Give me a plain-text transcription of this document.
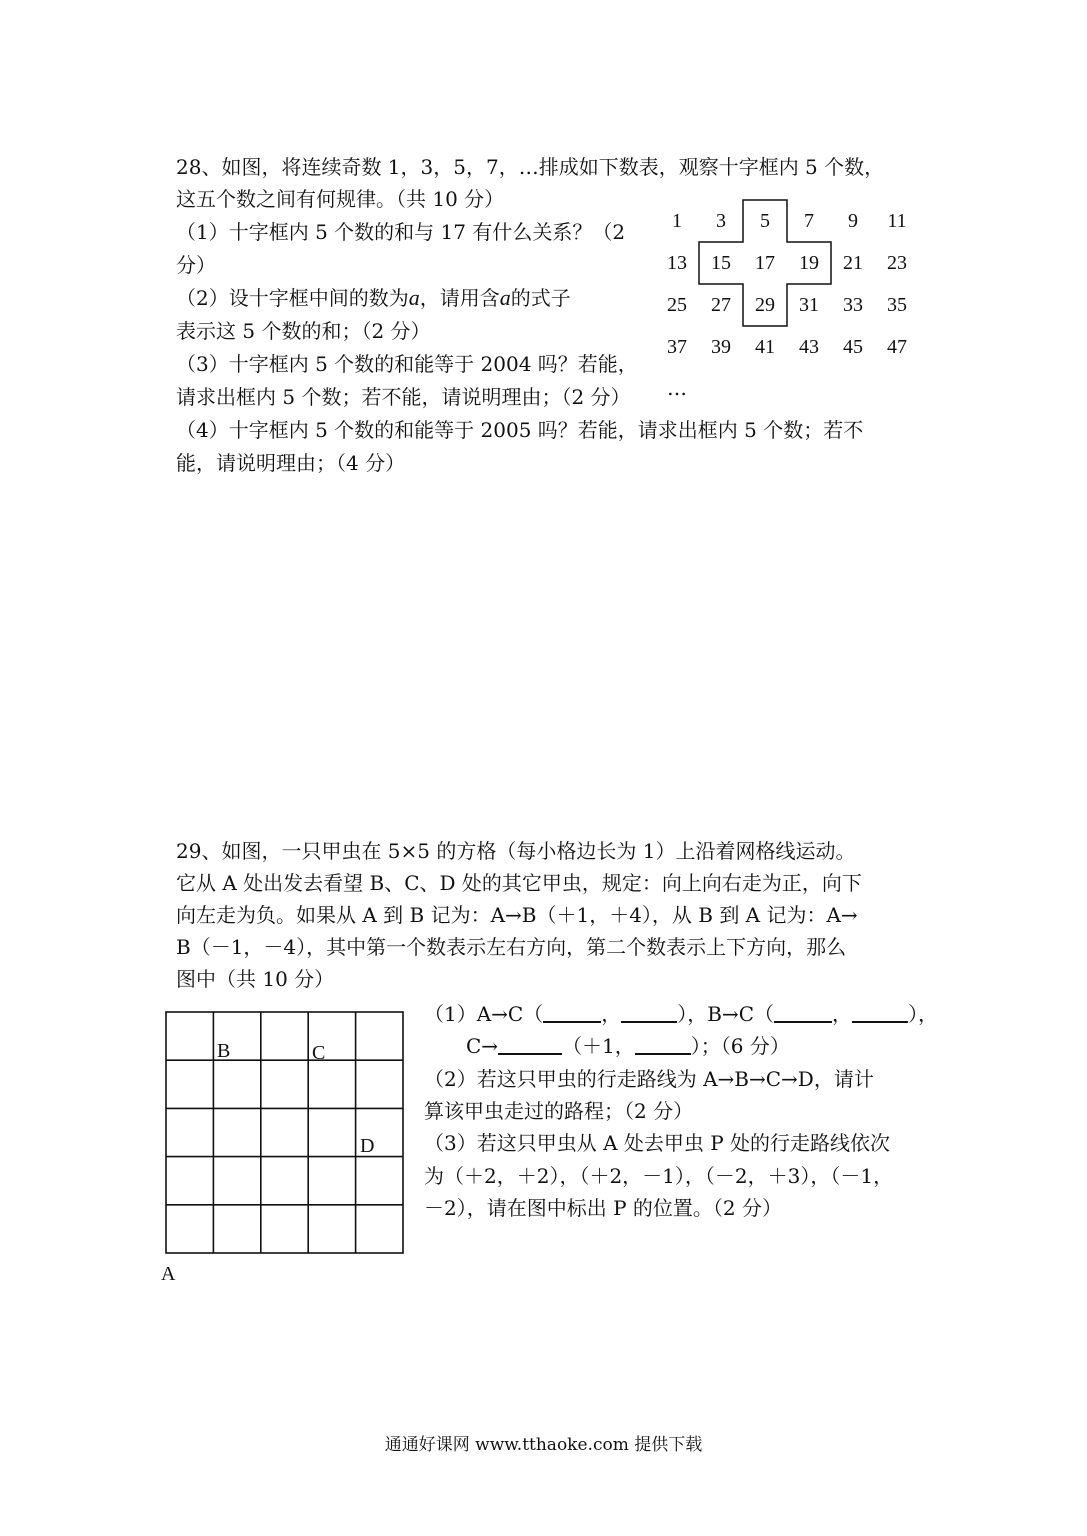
28、如图，将连续奇数 1，3，5，7，…排成如下数表，观察十字框内 5 个数，
这五个数之间有何规律。（共 10 分）
（1）十字框内 5 个数的和与 17 有什么关系？（2
分）
（2）设十字框中间的数为a，请用含a的式子
表示这 5 个数的和；（2 分）
（3）十字框内 5 个数的和能等于 2004 吗？若能，
请求出框内 5 个数；若不能，请说明理由；（2 分）
（4）十字框内 5 个数的和能等于 2005 吗？若能，请求出框内 5 个数；若不
能，请说明理由；（4 分）
1	3	5	7	9	11
13	15	17	19	21	23
25	27	29	31	33	35
37	39	41	43	45	47
…
29、如图，一只甲虫在 5×5 的方格（每小格边长为 1）上沿着网格线运动。
它从 A 处出发去看望 B、C、D 处的其它甲虫，规定：向上向右走为正，向下
向左走为负。如果从 A 到 B 记为：A→B（＋1，＋4），从 B 到 A 记为：A→
B（－1，－4），其中第一个数表示左右方向，第二个数表示上下方向，那么
图中（共 10 分）
（1）A→C（	，	），B→C（	，	），
C→	（＋1，	）；（6 分）
（2）若这只甲虫的行走路线为 A→B→C→D，请计
算该甲虫走过的路程；（2 分）
（3）若这只甲虫从 A 处去甲虫 P 处的行走路线依次
为（＋2，＋2），（＋2，－1），（－2，＋3），（－1，
－2），请在图中标出 P 的位置。（2 分）
B	C
D
A
通通好课网 www.tthaoke.com 提供下载
